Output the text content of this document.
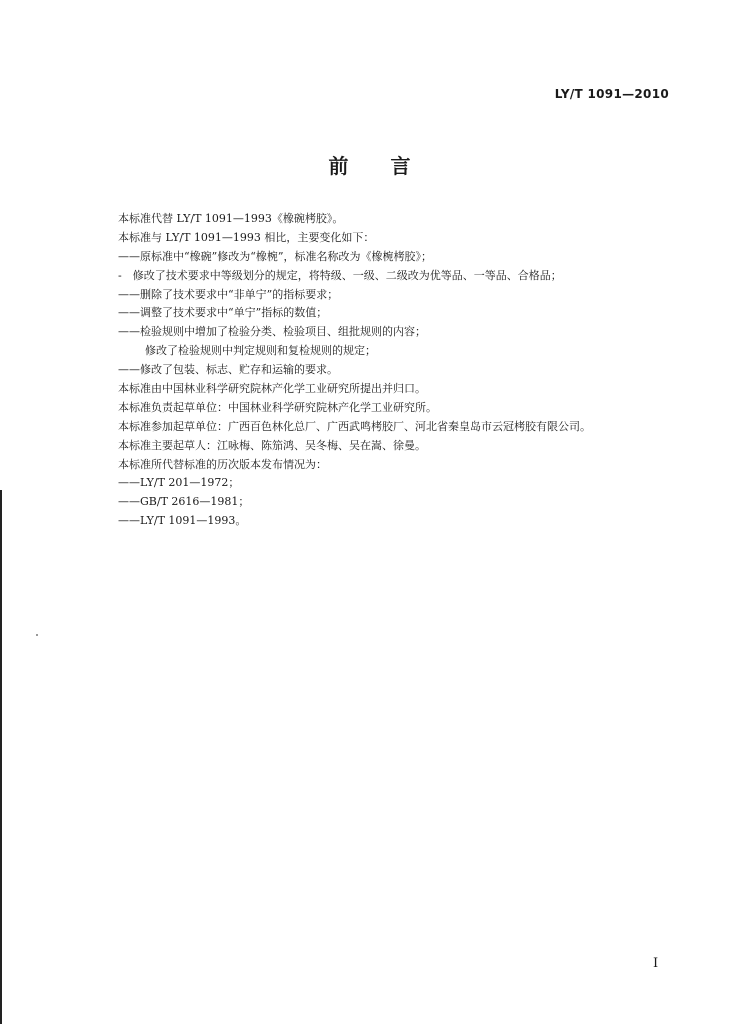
LY/T 1091—2010
前言
本标准代替 LY/T 1091—1993《橡碗栲胶》。
本标准与 LY/T 1091—1993 相比，主要变化如下：
——原标准中“橡碗”修改为“橡椀”，标准名称改为《橡椀栲胶》；
-　修改了技术要求中等级划分的规定，将特级、一级、二级改为优等品、一等品、合格品；
——删除了技术要求中“非单宁”的指标要求；
——调整了技术要求中“单宁”指标的数值；
——检验规则中增加了检验分类、检验项目、组批规则的内容；
修改了检验规则中判定规则和复检规则的规定；
——修改了包装、标志、贮存和运输的要求。
本标准由中国林业科学研究院林产化学工业研究所提出并归口。
本标准负责起草单位：中国林业科学研究院林产化学工业研究所。
本标准参加起草单位：广西百色林化总厂、广西武鸣栲胶厂、河北省秦皇岛市云冠栲胶有限公司。
本标准主要起草人：江咏梅、陈笳鸿、吴冬梅、吴在嵩、徐曼。
本标准所代替标准的历次版本发布情况为：
——LY/T 201—1972；
——GB/T 2616—1981；
——LY/T 1091—1993。
I
